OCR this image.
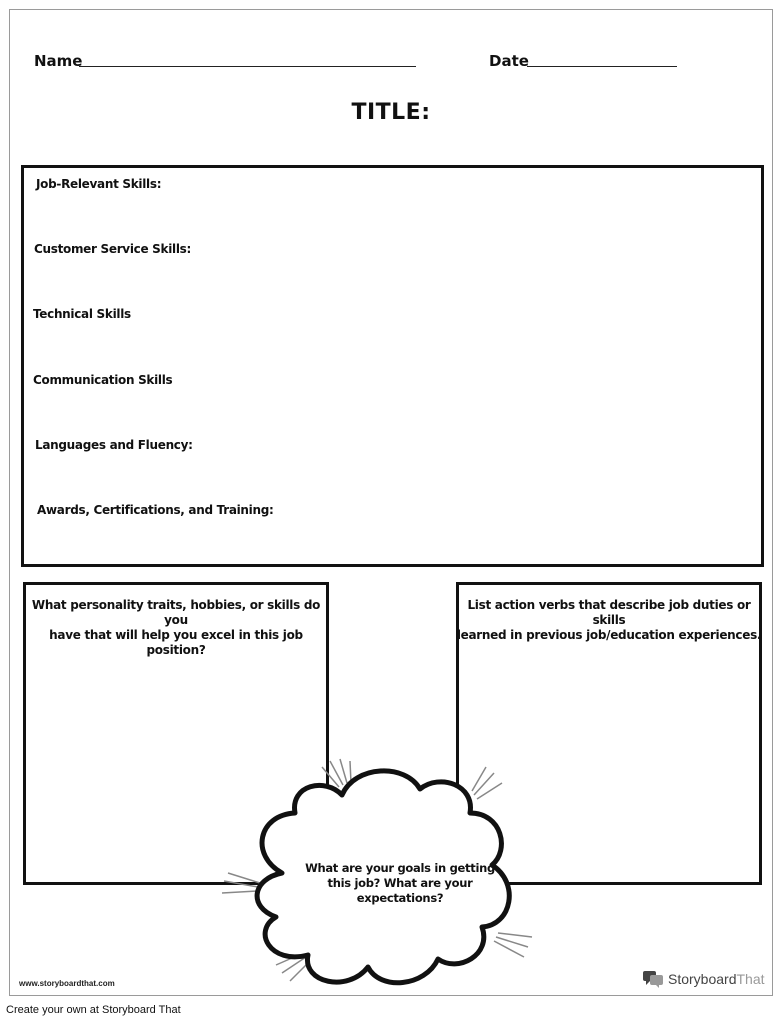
Name	Date
TITLE:
Job-Relevant Skills:
Customer Service Skills:
Technical Skills
Communication Skills
Languages and Fluency:
Awards, Certifications, and Training:
What personality traits, hobbies, or skills do you
have that will help you excel in this job position?
List action verbs that describe job duties or skills
learned in previous job/education experiences.
What are your goals in getting
this job? What are your
expectations?
www.storyboardthat.com	Storyboard That
Create your own at Storyboard That
